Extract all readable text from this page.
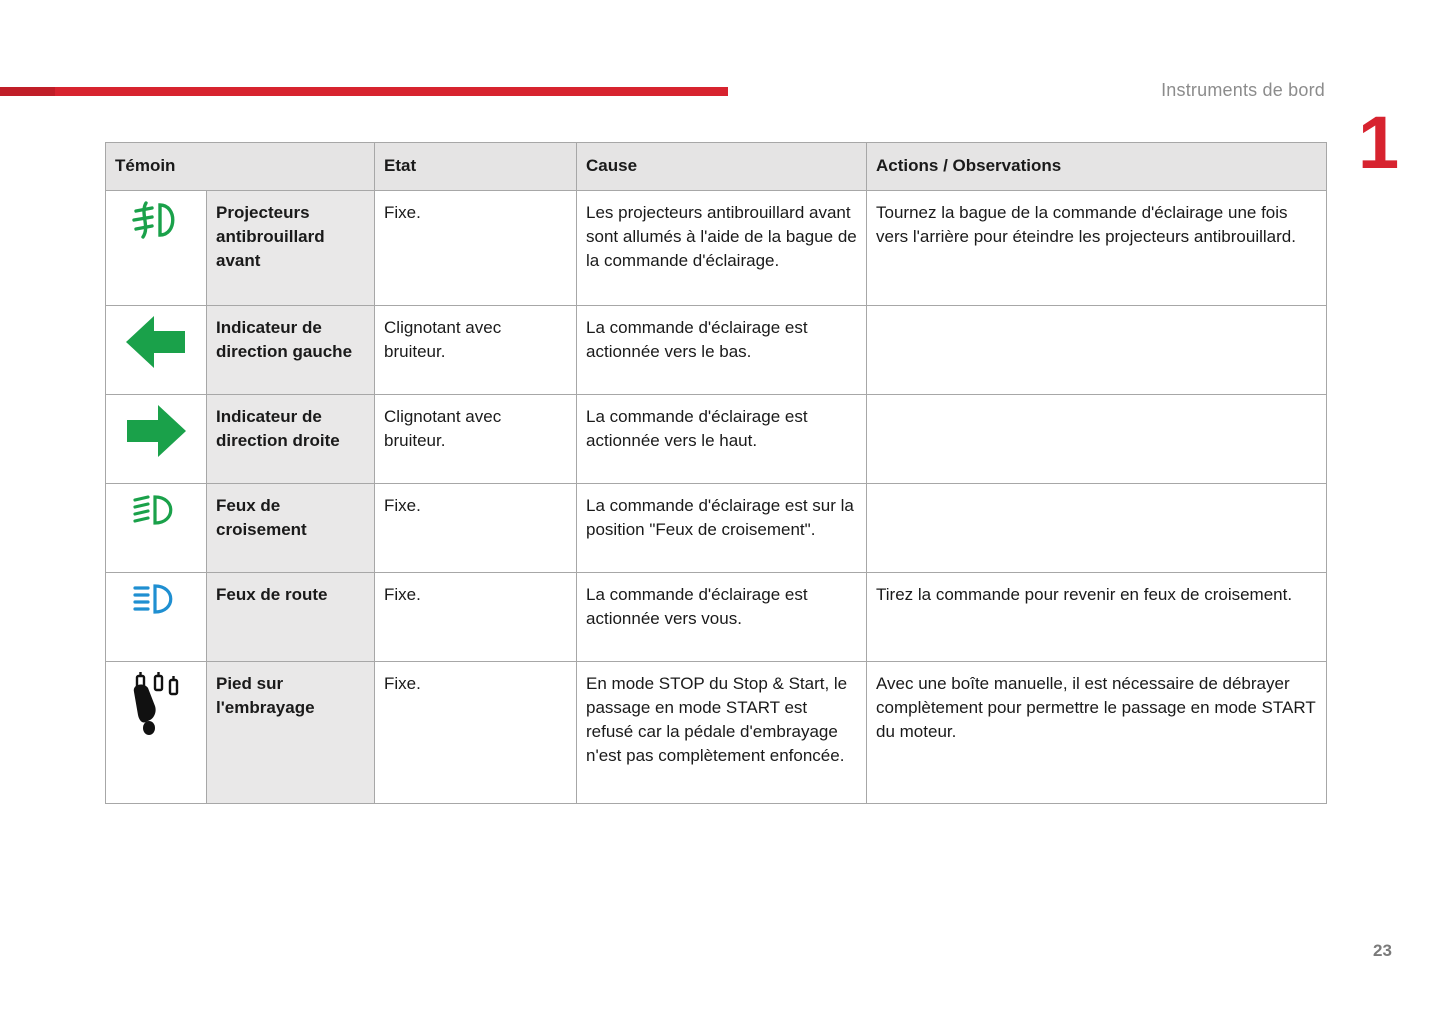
Instruments de bord
1
Témoin		Etat	Cause	Actions / Observations
	Projecteurs antibrouillard avant	Fixe.	Les projecteurs antibrouillard avant sont allumés à l'aide de la bague de la commande d'éclairage.	Tournez la bague de la commande d'éclairage une fois vers l'arrière pour éteindre les projecteurs antibrouillard.
	Indicateur de direction gauche	Clignotant avec bruiteur.	La commande d'éclairage est actionnée vers le bas.	
	Indicateur de direction droite	Clignotant avec bruiteur.	La commande d'éclairage est actionnée vers le haut.	
	Feux de croisement	Fixe.	La commande d'éclairage est sur la position "Feux de croisement".	
	Feux de route	Fixe.	La commande d'éclairage est actionnée vers vous.	Tirez la commande pour revenir en feux de croisement.
	Pied sur l'embrayage	Fixe.	En mode STOP du Stop & Start, le passage en mode START est refusé car la pédale d'embrayage n'est pas complètement enfoncée.	Avec une boîte manuelle, il est nécessaire de débrayer complètement pour permettre le passage en mode START du moteur.
23
